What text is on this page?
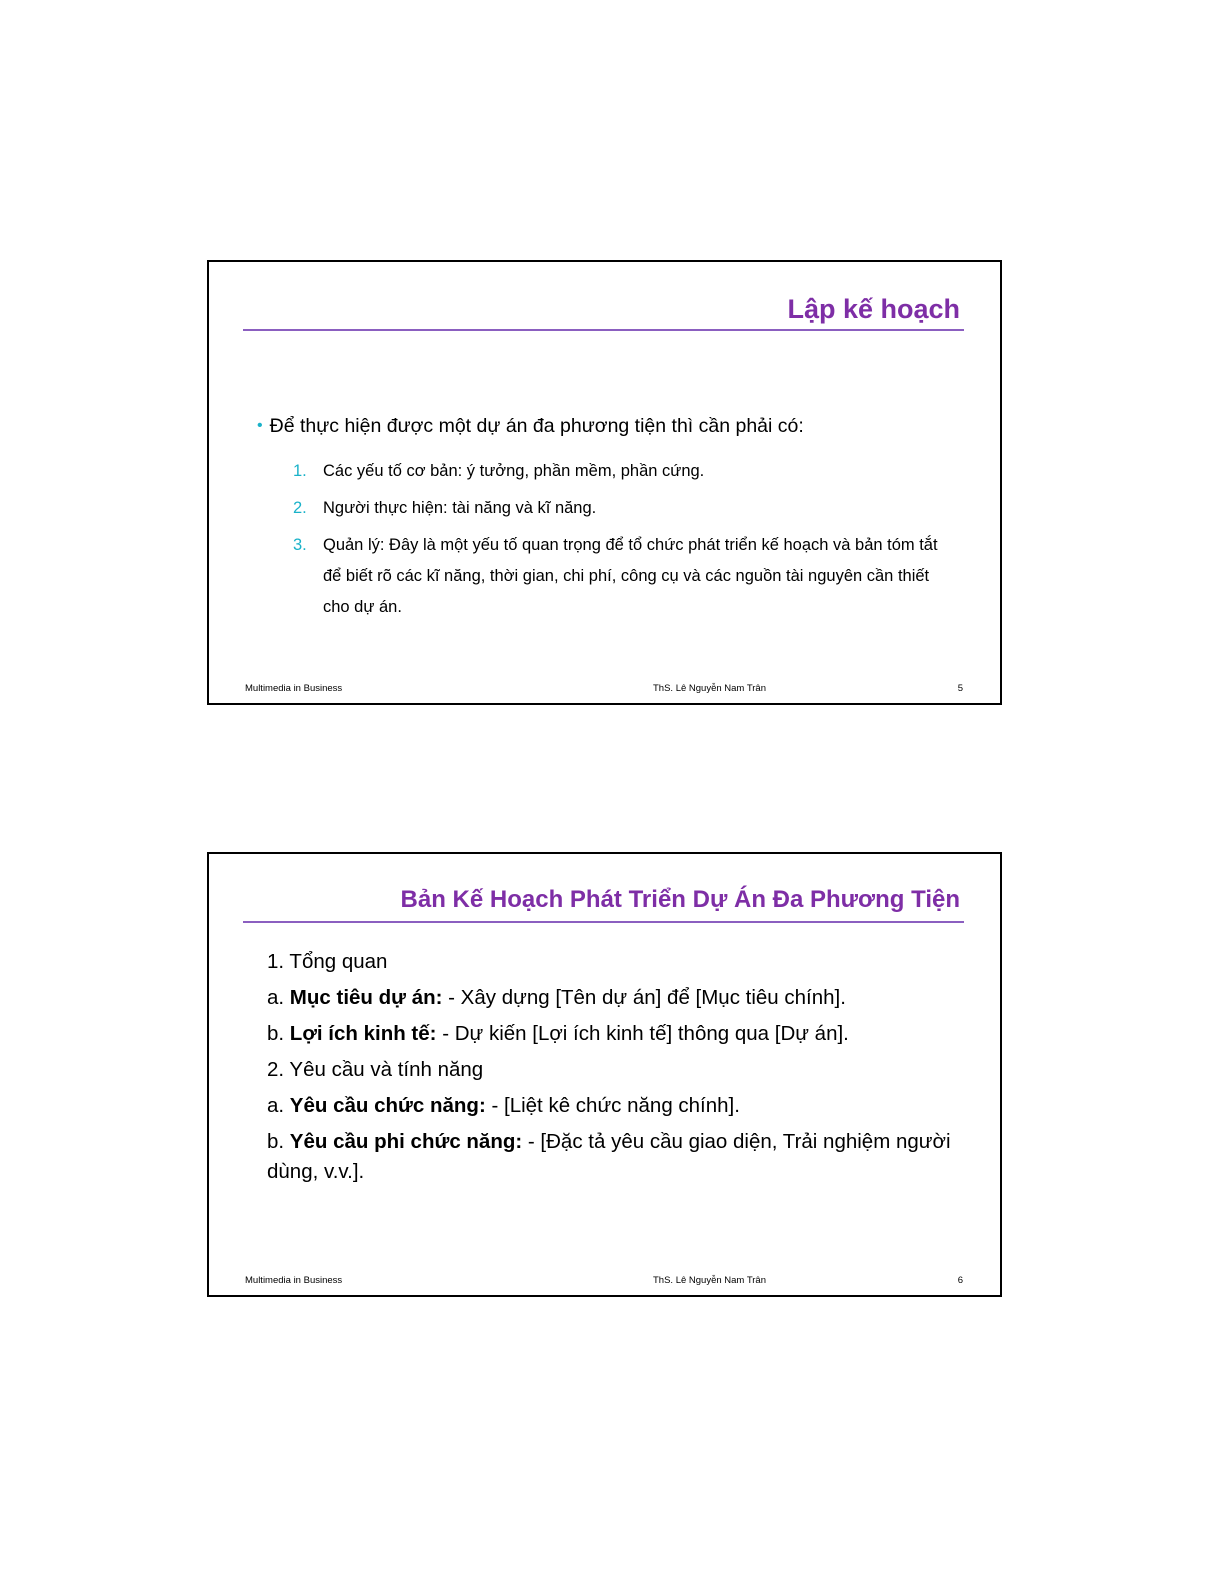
Lập kế hoạch
• Để thực hiện được một dự án đa phương tiện thì cần phải có:
1. Các yếu tố cơ bản: ý tưởng, phần mềm, phần cứng.
2. Người thực hiện: tài năng và kĩ năng.
3. Quản lý: Đây là một yếu tố quan trọng để tổ chức phát triển kế hoạch và bản tóm tắt để biết rõ các kĩ năng, thời gian, chi phí, công cụ và các nguồn tài nguyên cần thiết cho dự án.
Multimedia in Business	ThS. Lê Nguyễn Nam Trân	5
Bản Kế Hoạch Phát Triển Dự Án Đa Phương Tiện
1. Tổng quan
a. Mục tiêu dự án: - Xây dựng [Tên dự án] để [Mục tiêu chính].
b. Lợi ích kinh tế: - Dự kiến [Lợi ích kinh tế] thông qua [Dự án].
2. Yêu cầu và tính năng
a. Yêu cầu chức năng: - [Liệt kê chức năng chính].
b. Yêu cầu phi chức năng: - [Đặc tả yêu cầu giao diện, Trải nghiệm người dùng, v.v.].
Multimedia in Business	ThS. Lê Nguyễn Nam Trân	6
